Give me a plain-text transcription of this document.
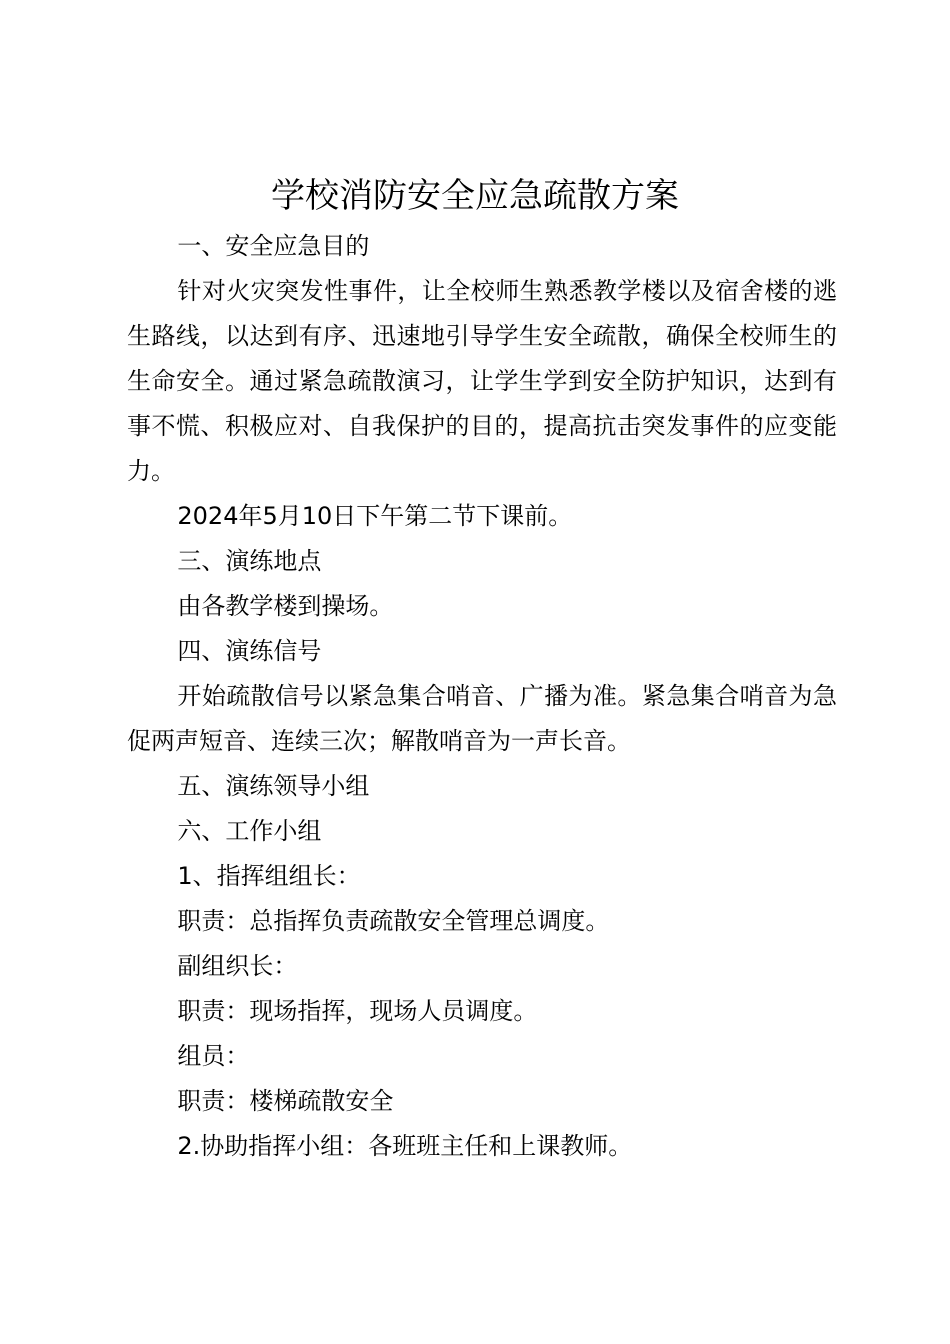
学校消防安全应急疏散方案

一、安全应急目的

针对火灾突发性事件，让全校师生熟悉教学楼以及宿舍楼的逃生路线，以达到有序、迅速地引导学生安全疏散，确保全校师生的生命安全。通过紧急疏散演习，让学生学到安全防护知识，达到有事不慌、积极应对、自我保护的目的，提高抗击突发事件的应变能力。

2024年5月10日下午第二节下课前。

三、演练地点

由各教学楼到操场。

四、演练信号

开始疏散信号以紧急集合哨音、广播为准。紧急集合哨音为急促两声短音、连续三次；解散哨音为一声长音。

五、演练领导小组

六、工作小组

1、指挥组组长：

职责：总指挥负责疏散安全管理总调度。

副组织长：

职责：现场指挥，现场人员调度。

组员：

职责：楼梯疏散安全

2.协助指挥小组：各班班主任和上课教师。
